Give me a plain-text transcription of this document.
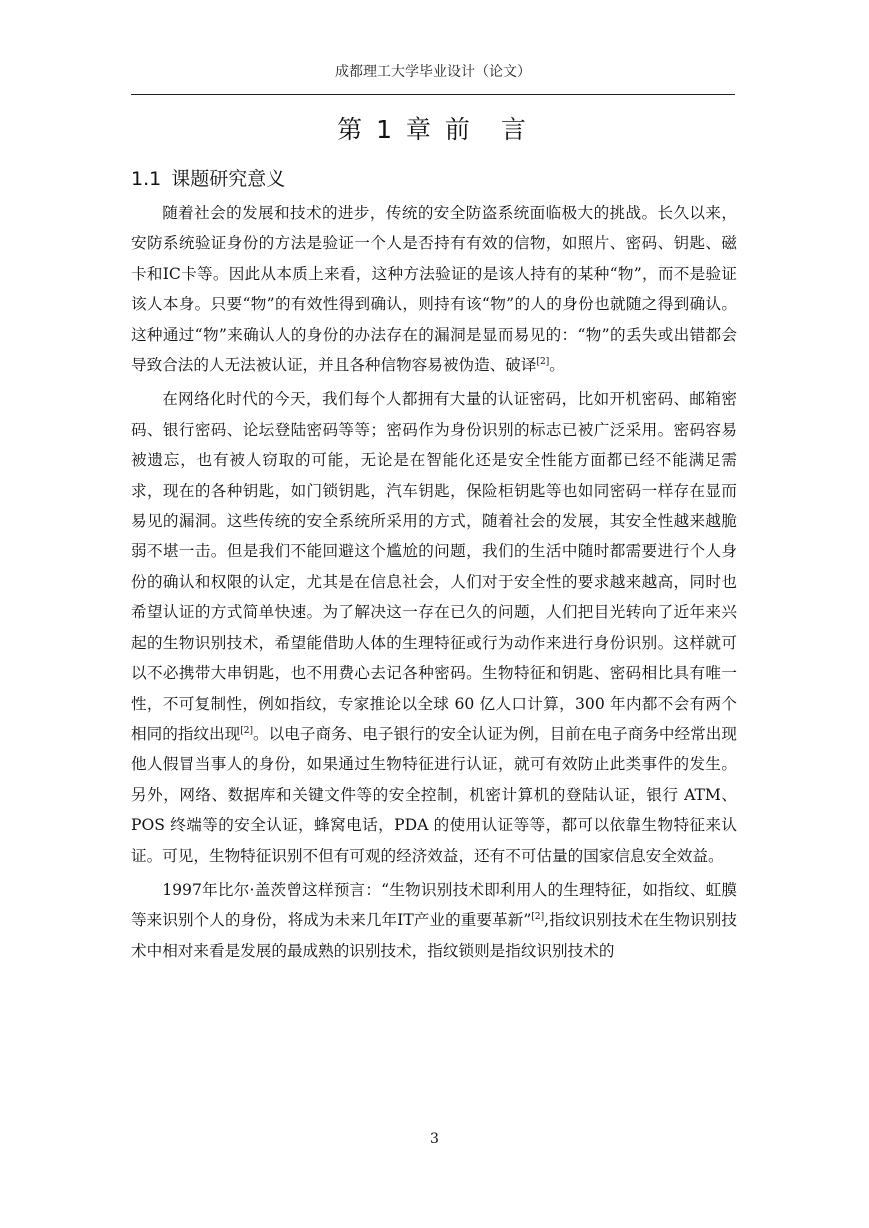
成都理工大学毕业设计（论文）
第 1 章 前　言
1.1 课题研究意义

随着社会的发展和技术的进步，传统的安全防盗系统面临极大的挑战。长久以来，安防系统验证身份的方法是验证一个人是否持有有效的信物，如照片、密码、钥匙、磁卡和IC卡等。因此从本质上来看，这种方法验证的是该人持有的某种“物”，而不是验证该人本身。只要“物”的有效性得到确认，则持有该“物”的人的身份也就随之得到确认。这种通过“物”来确认人的身份的办法存在的漏洞是显而易见的：“物”的丢失或出错都会导致合法的人无法被认证，并且各种信物容易被伪造、破译[2]。

在网络化时代的今天，我们每个人都拥有大量的认证密码，比如开机密码、邮箱密码、银行密码、论坛登陆密码等等；密码作为身份识别的标志已被广泛采用。密码容易被遗忘，也有被人窃取的可能，无论是在智能化还是安全性能方面都已经不能满足需求，现在的各种钥匙，如门锁钥匙，汽车钥匙，保险柜钥匙等也如同密码一样存在显而易见的漏洞。这些传统的安全系统所采用的方式，随着社会的发展，其安全性越来越脆弱不堪一击。但是我们不能回避这个尴尬的问题，我们的生活中随时都需要进行个人身份的确认和权限的认定，尤其是在信息社会，人们对于安全性的要求越来越高，同时也希望认证的方式简单快速。为了解决这一存在已久的问题，人们把目光转向了近年来兴起的生物识别技术，希望能借助人体的生理特征或行为动作来进行身份识别。这样就可以不必携带大串钥匙，也不用费心去记各种密码。生物特征和钥匙、密码相比具有唯一性，不可复制性，例如指纹，专家推论以全球 60 亿人口计算，300 年内都不会有两个相同的指纹出现[2]。以电子商务、电子银行的安全认证为例，目前在电子商务中经常出现他人假冒当事人的身份，如果通过生物特征进行认证，就可有效防止此类事件的发生。另外，网络、数据库和关键文件等的安全控制，机密计算机的登陆认证，银行 ATM、POS 终端等的安全认证，蜂窝电话，PDA 的使用认证等等，都可以依靠生物特征来认证。可见，生物特征识别不但有可观的经济效益，还有不可估量的国家信息安全效益。

1997年比尔·盖茨曾这样预言：“生物识别技术即利用人的生理特征，如指纹、虹膜等来识别个人的身份，将成为未来几年IT产业的重要革新”[2],指纹识别技术在生物识别技术中相对来看是发展的最成熟的识别技术，指纹锁则是指纹识别技术的

3
